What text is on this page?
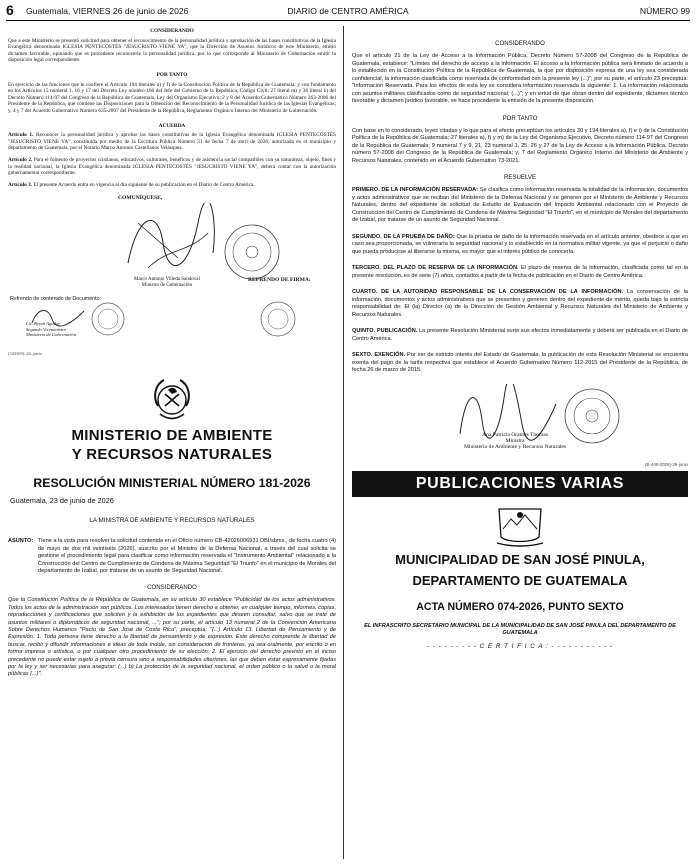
6 Guatemala, VIERNES 26 de junio de 2026	DIARIO de CENTRO AMÉRICA	NÚMERO 99

CONSIDERANDO

Que a este Ministerio se presentó solicitud para obtener el reconocimiento de la personalidad jurídica y aprobación de las bases constitutivas de la Iglesia Evangélica denominada IGLESIA PENTECOSTÉS "JESUCRISTO VIENE YA", que la Dirección de Asuntos Jurídicos de este Ministerio, emitió dictamen favorable, opinando que es procedente reconocerle la personalidad jurídica, por lo que corresponde al Ministerio de Gobernación emitir la disposición legal correspondiente.

POR TANTO

En ejercicio de las funciones que le confiere el Artículo 194 literales a) y f) de la Constitución Política de la República de Guatemala; y con fundamento en los Artículos 15 numeral 1, 16 y 17 del Decreto Ley número 106 del Jefe del Gobierno de la República, Código Civil; 27 literal m) y 36 literal b) del Decreto Número 114-97 del Congreso de la República de Guatemala, Ley del Organismo Ejecutivo; 2 y 8 del Acuerdo Gubernativo Número 263-2006 del Presidente de la República, que contiene las Disposiciones para la Obtención del Reconocimiento de la Personalidad Jurídica de las Iglesias Evangélicas; y, 4 y 7 del Acuerdo Gubernativo Número 635-2007 del Presidente de la República, Reglamento Orgánico Interno del Ministerio de Gobernación.

ACUERDA

Artículo 1. Reconocer la personalidad jurídica y aprobar las bases constitutivas de la Iglesia Evangélica denominada IGLESIA PENTECOSTÉS "JESUCRISTO VIENE YA", constituida por medio de la Escritura Pública Número 31 de fecha 7 de abril de 2026; autorizada en el municipio y departamento de Guatemala, por el Notario Marco Antonio Castellanos Velásquez.

Artículo 2. Para el fomento de proyectos cristianos, educativos, culturales, benéficos y de asistencia social compatibles con su naturaleza, objeto, fines y la realidad nacional, la Iglesia Evangélica denominada IGLESIA PENTECOSTÉS "JESUCRISTO VIENE YA", deberá contar con la autorización gubernamental correspondiente.

Artículo 3. El presente Acuerdo entra en vigencia al día siguiente de su publicación en el Diario de Centro América.

COMUNÍQUESE,
Marco Antonio Villeda Sandoval
Ministro de Gobernación
REFRENDO DE FIRMA:
Refrendo de contenido de Documento:
Lic. Byron Aguilar
Segundo Viceministro
Ministerio de Gobernación
(343369)–26–junio

MINISTERIO DE AMBIENTE

Y RECURSOS NATURALES

RESOLUCIÓN MINISTERIAL NÚMERO 181-2026

Guatemala, 23 de junio de 2026

LA MINISTRA DE AMBIENTE Y RECURSOS NATURALES

ASUNTO: Tiene a la vista para resolver la solicitud contenida en el Oficio número CB-42026006931 DBI/sbms., de fecha cuatro (4) de mayo de dos mil veintiséis (2026), suscrito por el Ministro de la Defensa Nacional, a través del cual solicita se gestione el procedimiento legal para clasificar como información reservada el "Instrumento Ambiental" relacionado a la Construcción del Centro de Cumplimiento de Condena de Máxima Seguridad "El Triunfo" en el municipio de Morales del departamento de Izabal, por tratarse de un asunto de Seguridad Nacional.

CONSIDERANDO

Que la Constitución Política de la República de Guatemala, en su artículo 30 establece "Publicidad de los actos administrativos. Todos los actos de la administración son públicos. Los interesados tienen derecho a obtener, en cualquier tiempo, informes, copias, reproducciones y certificaciones que soliciten y la exhibición de los expedientes que deseen consultar, salvo que se trate de asuntos militares o diplomáticos de seguridad nacional, ..."; por su parte, el artículo 13 numeral 2 de la Convención Americana Sobre Derechos Humanos "Pacto de San José de Costa Rica", preceptúa: "(...) Artículo 13. Libertad de Pensamiento y de Expresión. 1. Toda persona tiene derecho a la libertad de pensamiento y de expresión. Este derecho comprende la libertad de buscar, recibir y difundir informaciones e ideas de toda índole, sin consideración de fronteras, ya sea oralmente, por escrito o en forma impresa o artística, o por cualquier otro procedimiento de su elección. 2. El ejercicio del derecho previsto en el inciso precedente no puede estar sujeto a previa censura sino a responsabilidades ulteriores, las que deben estar expresamente fijadas por la ley y ser necesarias para asegurar: (...) b) La protección de la seguridad nacional, el orden público o la salud o la moral públicas (...)".

CONSIDERANDO

Que el artículo 21 de la Ley de Acceso a la Información Pública, Decreto Número 57-2008 del Congreso de la República de Guatemala, establece: "Límites del derecho de acceso a la información. El acceso a la información pública será limitado de acuerdo a lo establecido en la Constitución Política de la República de Guatemala, la que por disposición expresa de una ley sea considerada confidencial, la información clasificada como reservada de conformidad con la presente ley (...)"; por su parte, el artículo 23 preceptúa: "Información Reservada. Para los efectos de esta ley se considera información reservada la siguiente: 1. La información relacionada con asuntos militares clasificados como de seguridad nacional; (...)"; y en virtud de que obran dentro del expediente, dictamen técnico favorable y dictamen jurídico favorable, se hace procedente la emisión de la presente disposición.

POR TANTO

Con base en lo considerado, leyes citadas y lo que para el efecto preceptúan los artículos 30 y 194 literales a), f) e i) de la Constitución Política de la República de Guatemala; 27 literales a), f) y m) de la Ley del Organismo Ejecutivo, Decreto número 114-97 del Congreso de la República de Guatemala; 9 numeral 7 y 9, 21, 23 numeral 1, 25, 26 y 27 de la Ley de Acceso a la Información Pública, Decreto número 57-2008 del Congreso de la República de Guatemala; y, 7 del Reglamento Orgánico Interno del Ministerio de Ambiente y Recursos Naturales, contenido en el Acuerdo Gubernativo 73-2021.

RESUELVE

PRIMERO. DE LA INFORMACIÓN RESERVADA: Se clasifica como información reservada la totalidad de la información, documentos y actos administrativos que se reciban del Ministerio de la Defensa Nacional y se generen por el Ministerio de Ambiente y Recursos Naturales, dentro del expediente de solicitud de Estudio de Evaluación del Impacto Ambiental relacionado con el Proyecto de Construcción del Centro de Cumplimiento de Condena de Máxima Seguridad "El Triunfo", en el municipio de Morales del departamento de Izabal, por tratarse de un asunto de Seguridad Nacional.

SEGUNDO. DE LA PRUEBA DE DAÑO: Que la prueba de daño de la información reservada en el artículo anterior, obedece a que en caso sea proporcionada, se vulneraría la seguridad nacional y lo establecido en la normativa militar vigente, ya que el perjuicio o daño que pueda producirse al liberarse la misma, es mayor que el interés público de conocerla.

TERCERO. DEL PLAZO DE RESERVA DE LA INFORMACIÓN. El plazo de reserva de la información, clasificada como tal en la presente resolución, es de siete (7) años, contados a partir de la fecha de publicación en el Diario de Centro América.

CUARTO. DE LA AUTORIDAD RESPONSABLE DE LA CONSERVACIÓN DE LA INFORMACIÓN. La conservación de la información, documentos y actos administrativos que se presenten y generen dentro del expediente de mérito, queda bajo la estricta responsabilidad de: El (la) Director (a) de la Dirección de Gestión Ambiental y Recursos Naturales del Ministerio de Ambiente y Recursos Naturales.

QUINTO. PUBLICACIÓN. La presente Resolución Ministerial surte sus efectos inmediatamente y deberá ser publicada en el Diario de Centro América.

SEXTO. EXENCIÓN. Por ser de estricto interés del Estado de Guatemala, la publicación de esta Resolución Ministerial se encuentra exenta del pago de la tarifa respectiva que establece el Acuerdo Gubernativo Número 112-2015 del Presidente de la República, de fecha 26 de marzo de 2015.

Ana Patricia Orantes Thomas
Ministra
Ministerio de Ambiente y Recursos Naturales
(E-440-2026)-26-junio
PUBLICACIONES VARIAS

MUNICIPALIDAD DE SAN JOSÉ PINULA,

DEPARTAMENTO DE GUATEMALA

ACTA NÚMERO 074-2026, PUNTO SEXTO

EL INFRASCRITO SECRETARIO MUNICIPAL DE LA MUNICIPALIDAD DE SAN JOSÉ PINULA DEL DEPARTAMENTO DE GUATEMALA

- - - - - - - - - C E R T I F I C A : - - - - - - - - - - -
